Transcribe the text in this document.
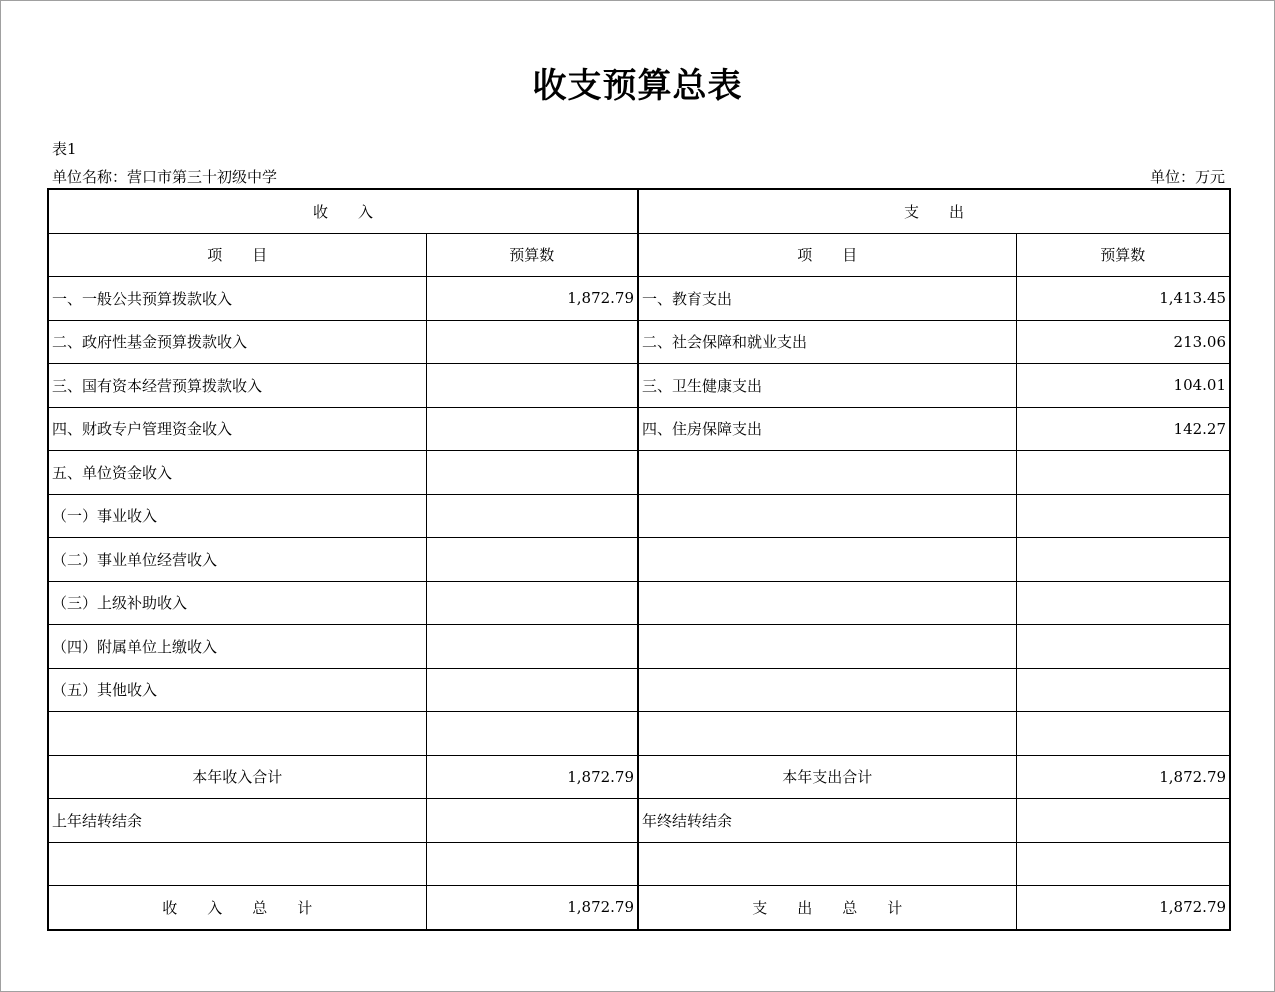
收支预算总表
表1
单位名称：营口市第三十初级中学	单位：万元
收　　入		支　　出	
项　　目	预算数	项　　目	预算数
一、一般公共预算拨款收入	1,872.79	一、教育支出	1,413.45
二、政府性基金预算拨款收入		二、社会保障和就业支出	213.06
三、国有资本经营预算拨款收入		三、卫生健康支出	104.01
四、财政专户管理资金收入		四、住房保障支出	142.27
五、单位资金收入			
（一）事业收入			
（二）事业单位经营收入			
（三）上级补助收入			
（四）附属单位上缴收入			
（五）其他收入			

本年收入合计	1,872.79	本年支出合计	1,872.79
上年结转结余		年终结转结余	

收　　入　　总　　计	1,872.79	支　　出　　总　　计	1,872.79
